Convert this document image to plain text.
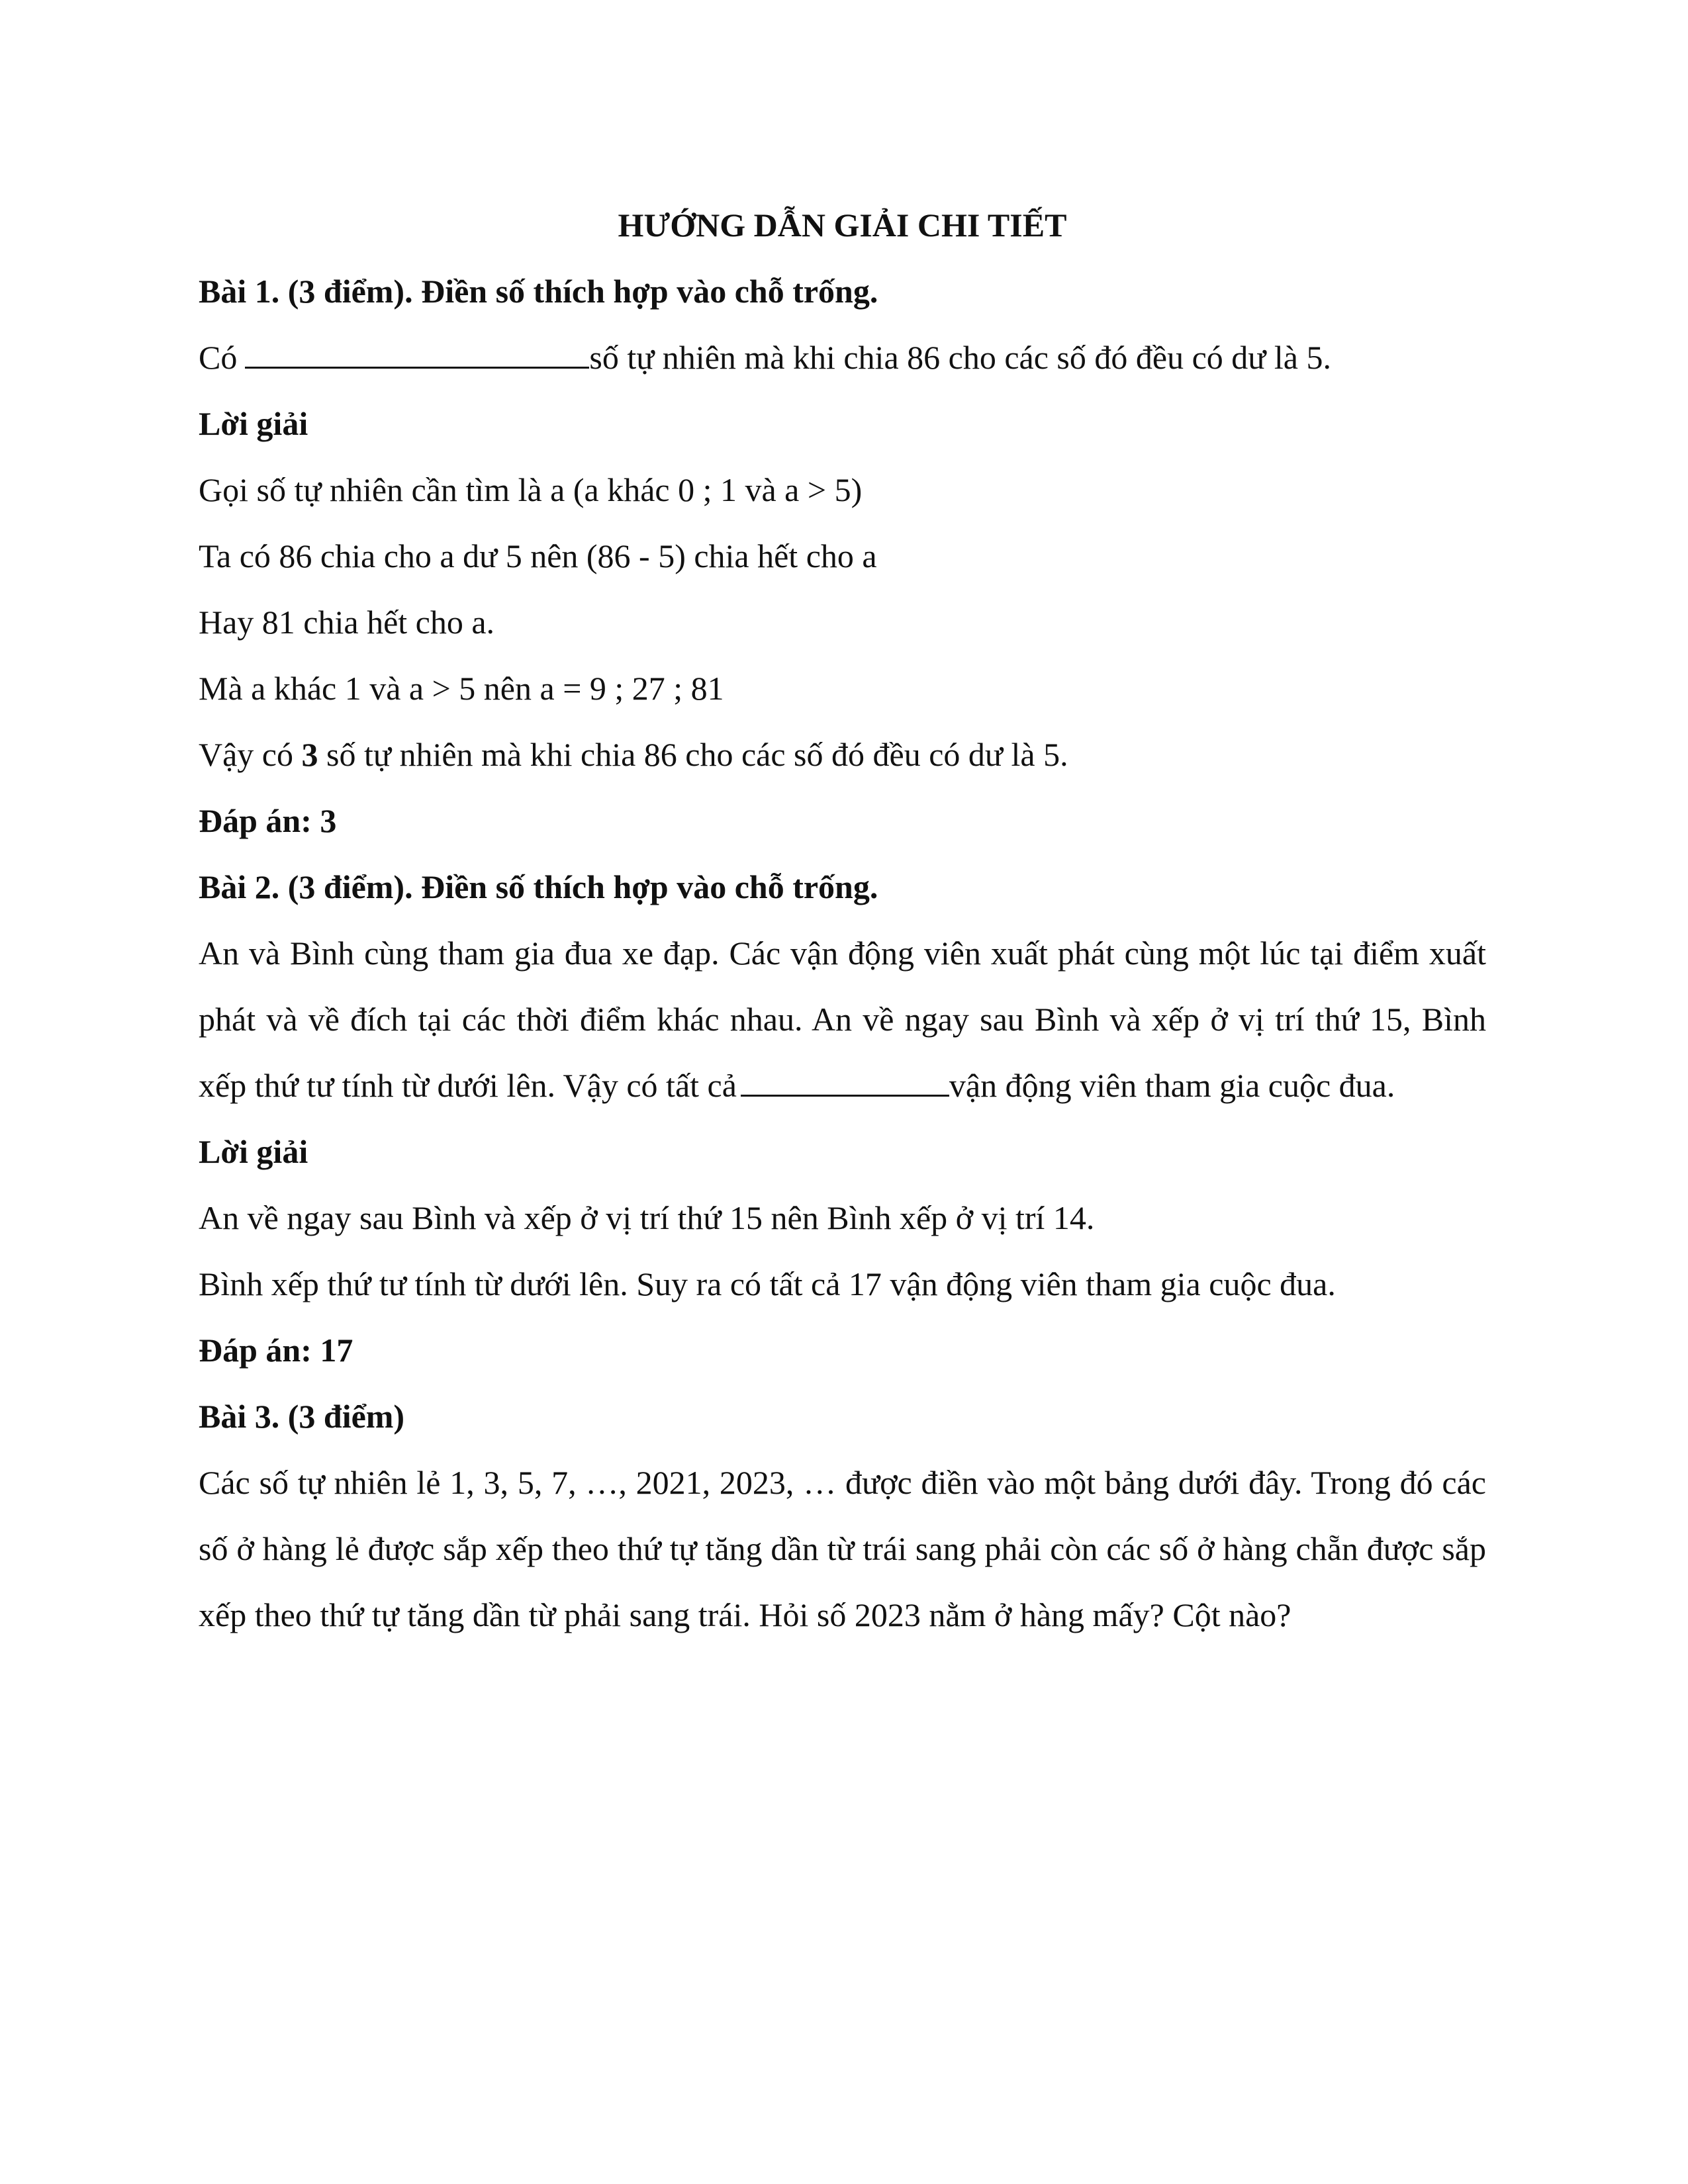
HƯỚNG DẪN GIẢI CHI TIẾT

Bài 1. (3 điểm). Điền số thích hợp vào chỗ trống.

Có	số tự nhiên mà khi chia 86 cho các số đó đều có dư là 5.

Lời giải

Gọi số tự nhiên cần tìm là a (a khác 0 ; 1 và a > 5)

Ta có 86 chia cho a dư 5 nên (86 - 5) chia hết cho a

Hay 81 chia hết cho a.

Mà a khác 1 và a > 5 nên a = 9 ; 27 ; 81

Vậy có 3 số tự nhiên mà khi chia 86 cho các số đó đều có dư là 5.

Đáp án: 3

Bài 2. (3 điểm). Điền số thích hợp vào chỗ trống.

An và Bình cùng tham gia đua xe đạp. Các vận động viên xuất phát cùng một lúc tại điểm xuất phát và về đích tại các thời điểm khác nhau. An về ngay sau Bình và xếp ở vị trí thứ 15, Bình xếp thứ tư tính từ dưới lên. Vậy có tất cả	vận động viên tham gia cuộc đua.

Lời giải

An về ngay sau Bình và xếp ở vị trí thứ 15 nên Bình xếp ở vị trí 14.

Bình xếp thứ tư tính từ dưới lên. Suy ra có tất cả 17 vận động viên tham gia cuộc đua.

Đáp án: 17

Bài 3. (3 điểm)

Các số tự nhiên lẻ 1, 3, 5, 7, …, 2021, 2023, … được điền vào một bảng dưới đây. Trong đó các số ở hàng lẻ được sắp xếp theo thứ tự tăng dần từ trái sang phải còn các số ở hàng chẵn được sắp xếp theo thứ tự tăng dần từ phải sang trái. Hỏi số 2023 nằm ở hàng mấy? Cột nào?
